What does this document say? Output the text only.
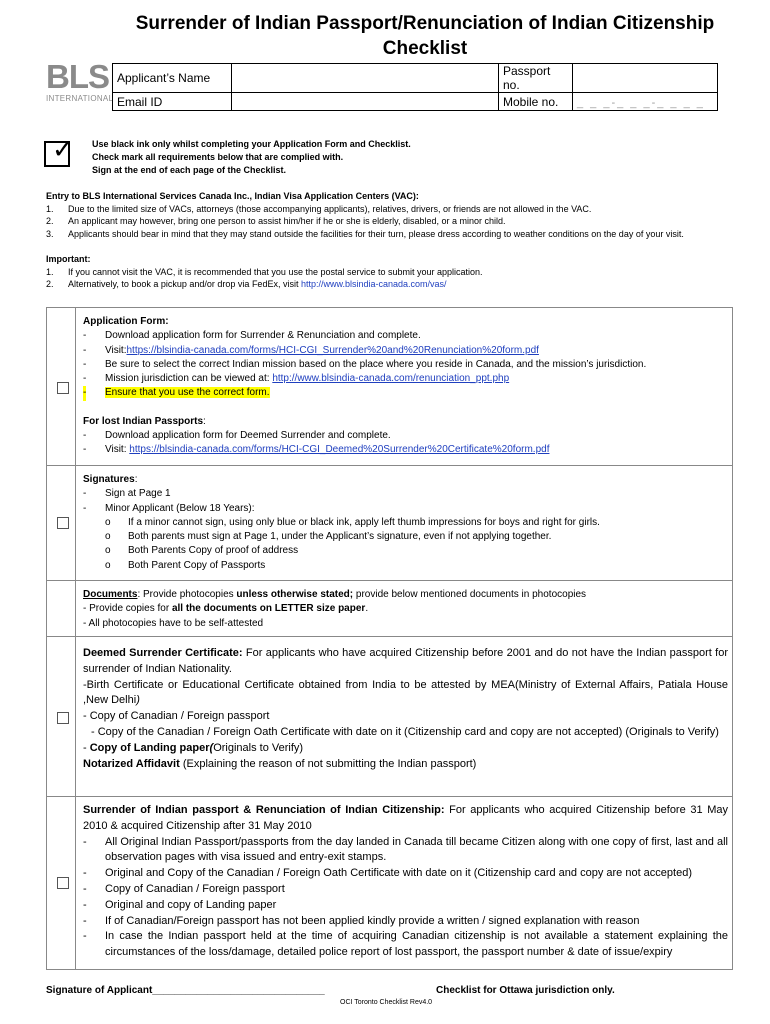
Surrender of Indian Passport/Renunciation of Indian Citizenship
Checklist
BLS
INTERNATIONAL
Applicant’s Name		Passport no.	
Email ID		Mobile no.	_ _ _-_ _ _-_ _ _ _
✓ Use black ink only whilst completing your Application Form and Checklist.
Check mark all requirements below that are complied with.
Sign at the end of each page of the Checklist.
Entry to BLS International Services Canada Inc., Indian Visa Application Centers (VAC):
1. Due to the limited size of VACs, attorneys (those accompanying applicants), relatives, drivers, or friends are not allowed in the VAC.
2. An applicant may however, bring one person to assist him/her if he or she is elderly, disabled, or a minor child.
3. Applicants should bear in mind that they may stand outside the facilities for their turn, please dress according to weather conditions on the day of your visit.
Important:
1. If you cannot visit the VAC, it is recommended that you use the postal service to submit your application.
2. Alternatively, to book a pickup and/or drop via FedEx, visit http://www.blsindia-canada.com/vas/
Application Form:
- Download application form for Surrender & Renunciation and complete.
- Visit:https://blsindia-canada.com/forms/HCI-CGI_Surrender%20and%20Renunciation%20form.pdf
- Be sure to select the correct Indian mission based on the place where you reside in Canada, and the mission’s jurisdiction.
- Mission jurisdiction can be viewed at: http://www.blsindia-canada.com/renunciation_ppt.php
- Ensure that you use the correct form.
For lost Indian Passports:
- Download application form for Deemed Surrender and complete.
- Visit: https://blsindia-canada.com/forms/HCI-CGI_Deemed%20Surrender%20Certificate%20form.pdf
Signatures:
- Sign at Page 1
- Minor Applicant (Below 18 Years):
o If a minor cannot sign, using only blue or black ink, apply left thumb impressions for boys and right for girls.
o Both parents must sign at Page 1, under the Applicant’s signature, even if not applying together.
o Both Parents Copy of proof of address
o Both Parent Copy of Passports
Documents: Provide photocopies unless otherwise stated; provide below mentioned documents in photocopies
- Provide copies for all the documents on LETTER size paper.
- All photocopies have to be self-attested
Deemed Surrender Certificate: For applicants who have acquired Citizenship before 2001 and do not have the Indian passport for surrender of Indian Nationality.
-Birth Certificate or Educational Certificate obtained from India to be attested by MEA(Ministry of External Affairs, Patiala House ,New Delhi)
- Copy of Canadian / Foreign passport
- Copy of the Canadian / Foreign Oath Certificate with date on it (Citizenship card and copy are not accepted) (Originals to Verify)
- Copy of Landing paper(Originals to Verify)
Notarized Affidavit (Explaining the reason of not submitting the Indian passport)
Surrender of Indian passport & Renunciation of Indian Citizenship: For applicants who acquired Citizenship before 31 May 2010 & acquired Citizenship after 31 May 2010
- All Original Indian Passport/passports from the day landed in Canada till became Citizen along with one copy of first, last and all observation pages with visa issued and entry-exit stamps.
- Original and Copy of the Canadian / Foreign Oath Certificate with date on it (Citizenship card and copy are not accepted)
- Copy of Canadian / Foreign passport
- Original and copy of Landing paper
- If of Canadian/Foreign passport has not been applied kindly provide a written / signed explanation with reason
- In case the Indian passport held at the time of acquiring Canadian citizenship is not available a statement explaining the circumstances of the loss/damage, detailed police report of lost passport, the passport number & date of issue/expiry
Signature of Applicant_______________________________	Checklist for Ottawa jurisdiction only.
OCI Toronto Checklist Rev4.0
